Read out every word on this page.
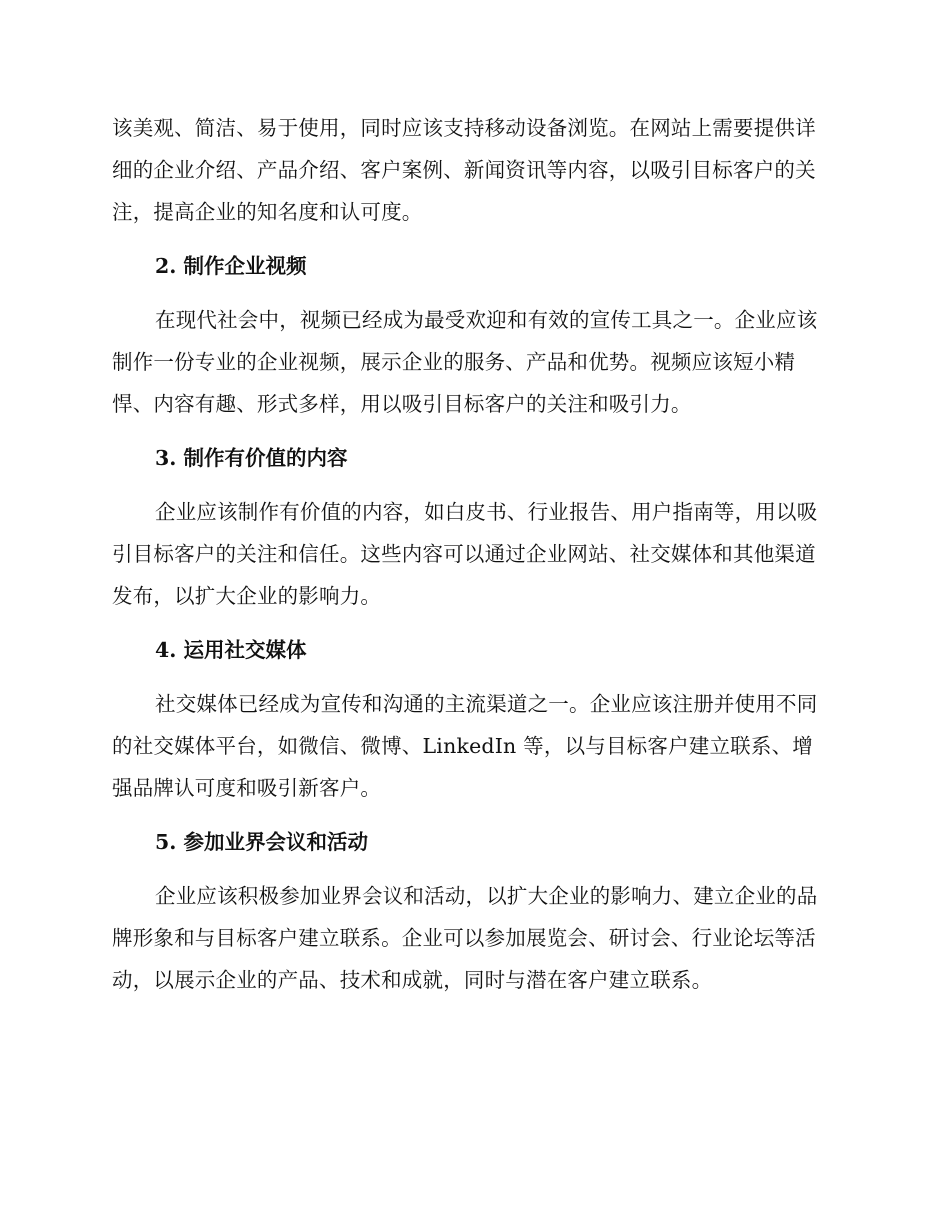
该美观、简洁、易于使用，同时应该支持移动设备浏览。在网站上需要提供详细的企业介绍、产品介绍、客户案例、新闻资讯等内容，以吸引目标客户的关注，提高企业的知名度和认可度。

2. 制作企业视频

在现代社会中，视频已经成为最受欢迎和有效的宣传工具之一。企业应该制作一份专业的企业视频，展示企业的服务、产品和优势。视频应该短小精悍、内容有趣、形式多样，用以吸引目标客户的关注和吸引力。

3. 制作有价值的内容

企业应该制作有价值的内容，如白皮书、行业报告、用户指南等，用以吸引目标客户的关注和信任。这些内容可以通过企业网站、社交媒体和其他渠道发布，以扩大企业的影响力。

4. 运用社交媒体

社交媒体已经成为宣传和沟通的主流渠道之一。企业应该注册并使用不同的社交媒体平台，如微信、微博、LinkedIn 等，以与目标客户建立联系、增强品牌认可度和吸引新客户。

5. 参加业界会议和活动

企业应该积极参加业界会议和活动，以扩大企业的影响力、建立企业的品牌形象和与目标客户建立联系。企业可以参加展览会、研讨会、行业论坛等活动，以展示企业的产品、技术和成就，同时与潜在客户建立联系。
